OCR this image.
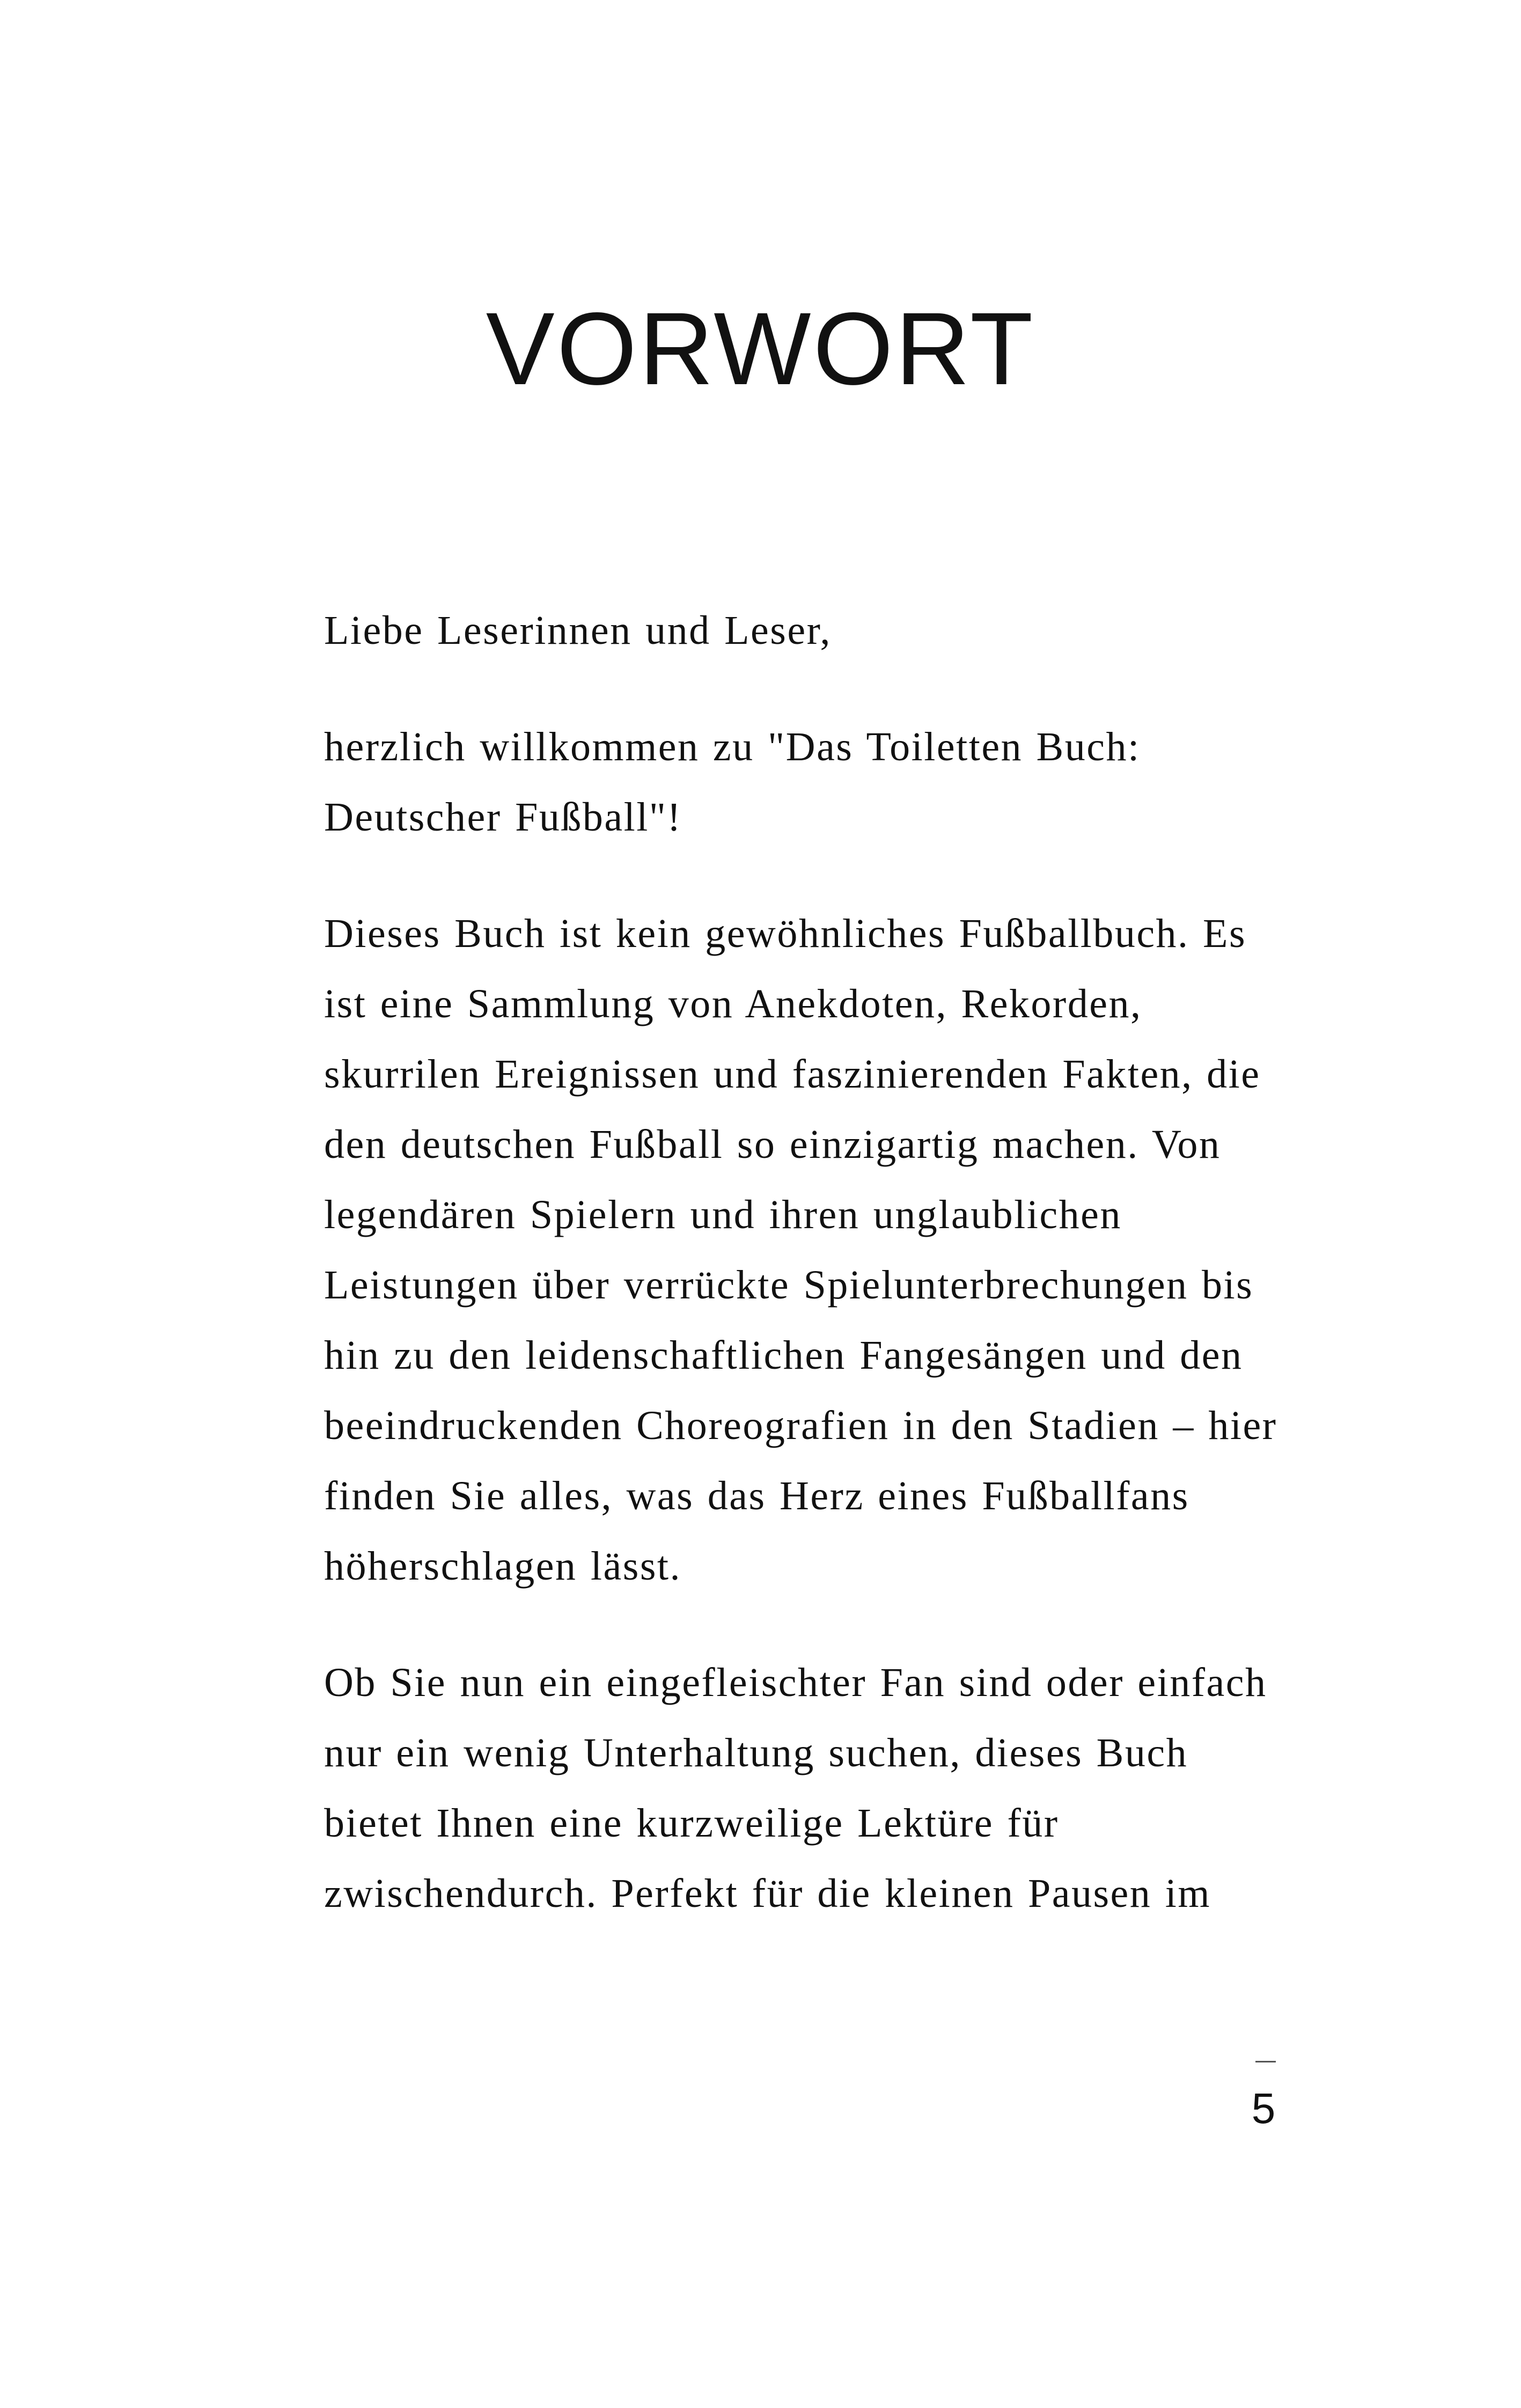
VORWORT

Liebe Leserinnen und Leser,

herzlich willkommen zu "Das Toiletten Buch:
Deutscher Fußball"!

Dieses Buch ist kein gewöhnliches Fußballbuch. Es
ist eine Sammlung von Anekdoten, Rekorden,
skurrilen Ereignissen und faszinierenden Fakten, die
den deutschen Fußball so einzigartig machen. Von
legendären Spielern und ihren unglaublichen
Leistungen über verrückte Spielunterbrechungen bis
hin zu den leidenschaftlichen Fangesängen und den
beeindruckenden Choreografien in den Stadien – hier
finden Sie alles, was das Herz eines Fußballfans
höherschlagen lässt.

Ob Sie nun ein eingefleischter Fan sind oder einfach
nur ein wenig Unterhaltung suchen, dieses Buch
bietet Ihnen eine kurzweilige Lektüre für
zwischendurch. Perfekt für die kleinen Pausen im

5
